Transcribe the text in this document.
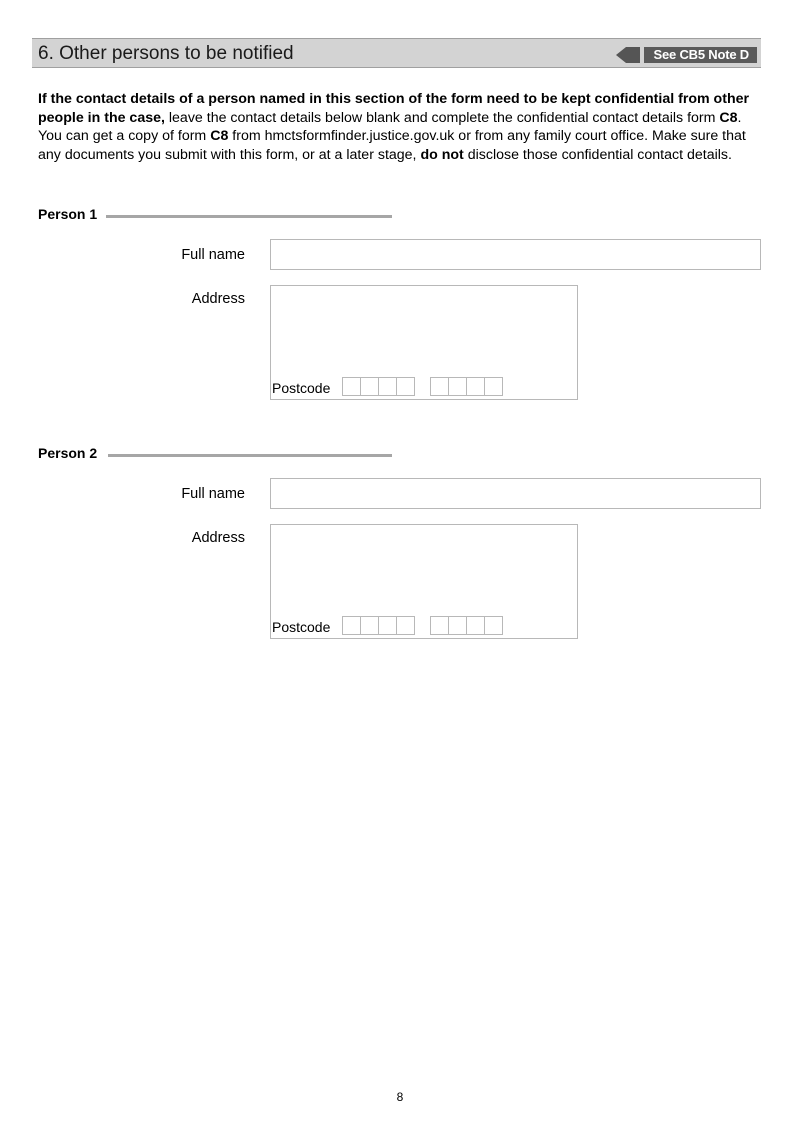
6. Other persons to be notified	See CB5 Note D
If the contact details of a person named in this section of the form need to be kept confidential from other people in the case, leave the contact details below blank and complete the confidential contact details form C8. You can get a copy of form C8 from hmctsformfinder.justice.gov.uk or from any family court office. Make sure that any documents you submit with this form, or at a later stage, do not disclose those confidential contact details.
Person 1
Full name
Address
Postcode
Person 2
Full name
Address
Postcode
8
